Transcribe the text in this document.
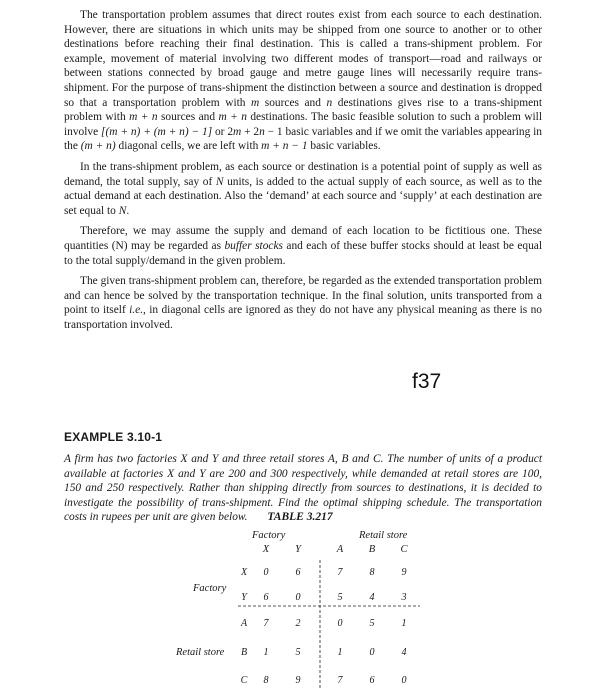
The transportation problem assumes that direct routes exist from each source to each destination. However, there are situations in which units may be shipped from one source to another or to other destinations before reaching their final destination. This is called a trans-shipment problem. For example, movement of material involving two different modes of transport—road and railways or between stations connected by broad gauge and metre gauge lines will necessarily require trans-shipment. For the purpose of trans-shipment the distinction between a source and destination is dropped so that a transportation problem with m sources and n destinations gives rise to a trans-shipment problem with m + n sources and m + n destinations. The basic feasible solution to such a problem will involve [(m + n) + (m + n) − 1] or 2m + 2n − 1 basic variables and if we omit the variables appearing in the (m + n) diagonal cells, we are left with m + n − 1 basic variables.

In the trans-shipment problem, as each source or destination is a potential point of supply as well as demand, the total supply, say of N units, is added to the actual supply of each source, as well as to the actual demand at each destination. Also the ‘demand’ at each source and ‘supply’ at each destination are set equal to N.

Therefore, we may assume the supply and demand of each location to be fictitious one. These quantities (N) may be regarded as buffer stocks and each of these buffer stocks should at least be equal to the total supply/demand in the given problem.

The given trans-shipment problem can, therefore, be regarded as the extended transportation problem and can hence be solved by the transportation technique. In the final solution, units transported from a point to itself i.e., in diagonal cells are ignored as they do not have any physical meaning as there is no transportation involved.

f37
EXAMPLE 3.10-1
A firm has two factories X and Y and three retail stores A, B and C. The number of units of a product available at factories X and Y are 200 and 300 respectively, while demanded at retail stores are 100, 150 and 250 respectively. Rather than shipping directly from sources to destinations, it is decided to investigate the possibility of trans-shipment. Find the optimal shipping schedule. The transportation costs in rupees per unit are given below.	TABLE 3.217
Factory	Retail store
X Y	A B C
Factory
Retail store
X 0	6	7	8	9
Y 6	0	5	4	3
A 7	2	0	5	1
B 1	5	1	0	4
C 8	9	7	6	0
